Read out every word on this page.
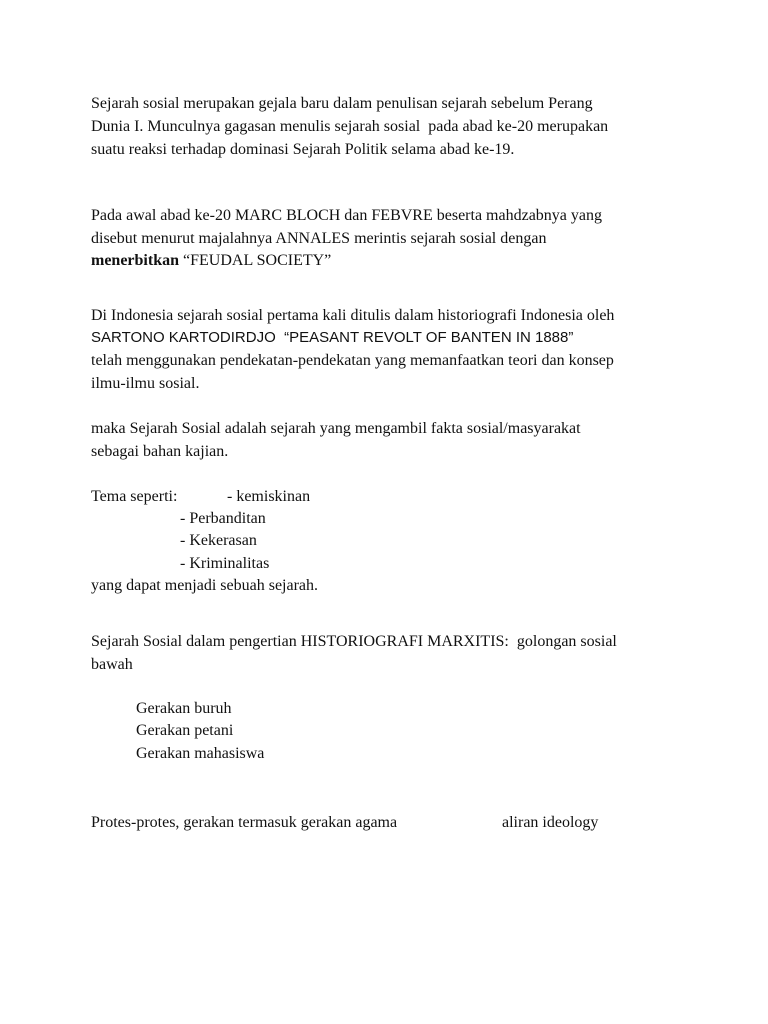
Sejarah sosial merupakan gejala baru dalam penulisan sejarah sebelum Perang
Dunia I. Munculnya gagasan menulis sejarah sosial  pada abad ke-20 merupakan
suatu reaksi terhadap dominasi Sejarah Politik selama abad ke-19.
Pada awal abad ke-20 MARC BLOCH dan FEBVRE beserta mahdzabnya yang
disebut menurut majalahnya ANNALES merintis sejarah sosial dengan
menerbitkan “FEUDAL SOCIETY”
Di Indonesia sejarah sosial pertama kali ditulis dalam historiografi Indonesia oleh
SARTONO KARTODIRDJO  “PEASANT REVOLT OF BANTEN IN 1888”
telah menggunakan pendekatan-pendekatan yang memanfaatkan teori dan konsep
ilmu-ilmu sosial.
maka Sejarah Sosial adalah sejarah yang mengambil fakta sosial/masyarakat
sebagai bahan kajian.
Tema seperti:	- kemiskinan
- Perbanditan
- Kekerasan
- Kriminalitas
yang dapat menjadi sebuah sejarah.
Sejarah Sosial dalam pengertian HISTORIOGRAFI MARXITIS:  golongan sosial
bawah
Gerakan buruh
Gerakan petani
Gerakan mahasiswa
Protes-protes, gerakan termasuk gerakan agama	aliran ideology
